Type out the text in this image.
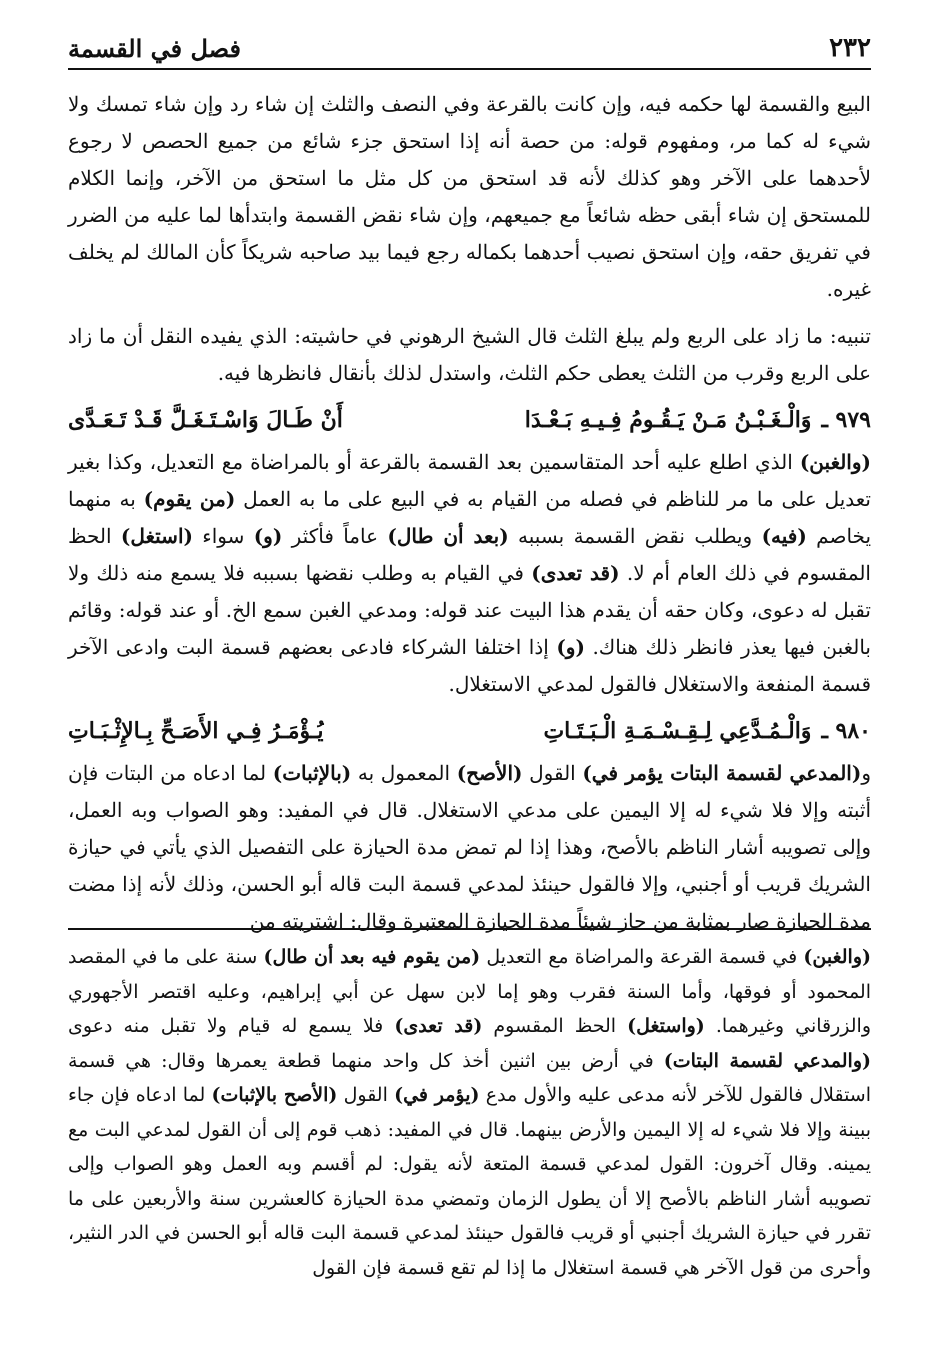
٢٣٢
فصل في القسمة

البيع والقسمة لها حكمه فيه، وإن كانت بالقرعة وفي النصف والثلث إن شاء رد وإن شاء تمسك ولا شيء له كما مر، ومفهوم قوله: من حصة أنه إذا استحق جزء شائع من جميع الحصص لا رجوع لأحدهما على الآخر وهو كذلك لأنه قد استحق من كل مثل ما استحق من الآخر، وإنما الكلام للمستحق إن شاء أبقى حظه شائعاً مع جميعهم، وإن شاء نقض القسمة وابتدأها لما عليه من الضرر في تفريق حقه، وإن استحق نصيب أحدهما بكماله رجع فيما بيد صاحبه شريكاً كأن المالك لم يخلف غيره.

تنبيه: ما زاد على الربع ولم يبلغ الثلث قال الشيخ الرهوني في حاشيته: الذي يفيده النقل أن ما زاد على الربع وقرب من الثلث يعطى حكم الثلث، واستدل لذلك بأنقال فانظرها فيه.

٩٧٩ ـ
وَالْـغَـبْـنُ مَـنْ يَـقُـومُ فِـيـهِ بَـعْـدَا
أَنْ طَـالَ وَاسْـتَـغَـلَّ قَـدْ تَـعَـدَّى

(والغبن) الذي اطلع عليه أحد المتقاسمين بعد القسمة بالقرعة أو بالمراضاة مع التعديل، وكذا بغير تعديل على ما مر للناظم في فصله من القيام به في البيع على ما به العمل (من يقوم) به منهما يخاصم (فيه) ويطلب نقض القسمة بسببه (بعد أن طال) عاماً فأكثر (و) سواء (استغل) الحظ المقسوم في ذلك العام أم لا. (قد تعدى) في القيام به وطلب نقضها بسببه فلا يسمع منه ذلك ولا تقبل له دعوى، وكان حقه أن يقدم هذا البيت عند قوله: ومدعي الغبن سمع الخ. أو عند قوله: وقائم بالغبن فيها يعذر فانظر ذلك هناك. (و) إذا اختلفا الشركاء فادعى بعضهم قسمة البت وادعى الآخر قسمة المنفعة والاستغلال فالقول لمدعي الاستغلال.

٩٨٠ ـ
وَالْـمُـدَّعِي لِـقِـسْـمَـةِ الْـبَـتَـاتِ
يُـؤْمَـرُ فِـي الأَصَـحِّ بِـالإِثْـبَـاتِ

و(المدعي لقسمة البتات يؤمر في) القول (الأصح) المعمول به (بالإثبات) لما ادعاه من البتات فإن أثبته وإلا فلا شيء له إلا اليمين على مدعي الاستغلال. قال في المفيد: وهو الصواب وبه العمل، وإلى تصويبه أشار الناظم بالأصح، وهذا إذا لم تمض مدة الحيازة على التفصيل الذي يأتي في حيازة الشريك قريب أو أجنبي، وإلا فالقول حينئذ لمدعي قسمة البت قاله أبو الحسن، وذلك لأنه إذا مضت مدة الحيازة صار بمثابة من حاز شيئاً مدة الحيازة المعتبرة وقال: اشتريته من

(والغبن) في قسمة القرعة والمراضاة مع التعديل (من يقوم فيه بعد أن طال) سنة على ما في المقصد المحمود أو فوقها، وأما السنة فقرب وهو إما لابن سهل عن أبي إبراهيم، وعليه اقتصر الأجهوري والزرقاني وغيرهما. (واستغل) الحظ المقسوم (قد تعدى) فلا يسمع له قيام ولا تقبل منه دعوى (والمدعي لقسمة البتات) في أرض بين اثنين أخذ كل واحد منهما قطعة يعمرها وقال: هي قسمة استقلال فالقول للآخر لأنه مدعى عليه والأول مدع (يؤمر في) القول (الأصح بالإثبات) لما ادعاه فإن جاء ببينة وإلا فلا شيء له إلا اليمين والأرض بينهما. قال في المفيد: ذهب قوم إلى أن القول لمدعي البت مع يمينه. وقال آخرون: القول لمدعي قسمة المتعة لأنه يقول: لم أقسم وبه العمل وهو الصواب وإلى تصويبه أشار الناظم بالأصح إلا أن يطول الزمان وتمضي مدة الحيازة كالعشرين سنة والأربعين على ما تقرر في حيازة الشريك أجنبي أو قريب فالقول حينئذ لمدعي قسمة البت قاله أبو الحسن في الدر النثير، وأحرى من قول الآخر هي قسمة استغلال ما إذا لم تقع قسمة فإن القول
